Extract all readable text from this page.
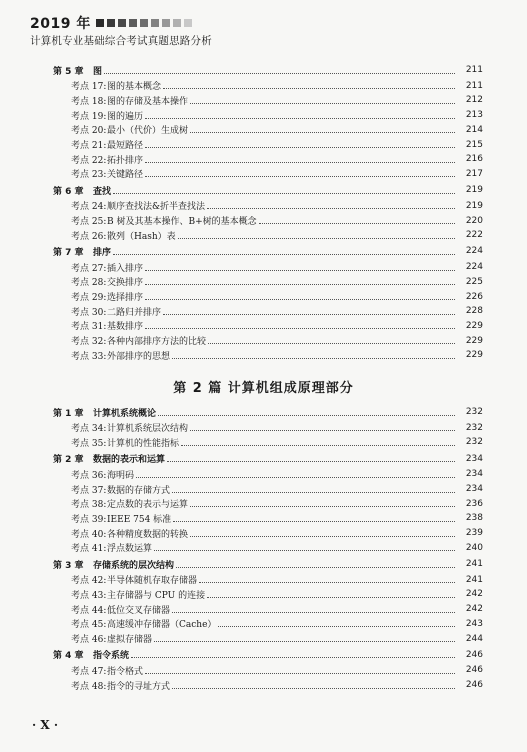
2019 年
计算机专业基础综合考试真题思路分析
第 5 章	图	211
考点 17: 图的基本概念	211
考点 18: 图的存储及基本操作	212
考点 19: 图的遍历	213
考点 20: 最小（代价）生成树	214
考点 21: 最短路径	215
考点 22: 拓扑排序	216
考点 23: 关键路径	217
第 6 章	查找	219
考点 24: 顺序查找法&折半查找法	219
考点 25: B 树及其基本操作、B+树的基本概念	220
考点 26: 散列（Hash）表	222
第 7 章	排序	224
考点 27: 插入排序	224
考点 28: 交换排序	225
考点 29: 选择排序	226
考点 30: 二路归并排序	228
考点 31: 基数排序	229
考点 32: 各种内部排序方法的比较	229
考点 33: 外部排序的思想	229
第 2 篇 计算机组成原理部分
第 1 章	计算机系统概论	232
考点 34: 计算机系统层次结构	232
考点 35: 计算机的性能指标	232
第 2 章	数据的表示和运算	234
考点 36: 海明码	234
考点 37: 数据的存储方式	234
考点 38: 定点数的表示与运算	236
考点 39: IEEE 754 标准	238
考点 40: 各种精度数据的转换	239
考点 41: 浮点数运算	240
第 3 章	存储系统的层次结构	241
考点 42: 半导体随机存取存储器	241
考点 43: 主存储器与 CPU 的连接	242
考点 44: 低位交叉存储器	242
考点 45: 高速缓冲存储器（Cache）	243
考点 46: 虚拟存储器	244
第 4 章	指令系统	246
考点 47: 指令格式	246
考点 48: 指令的寻址方式	246
· X ·
